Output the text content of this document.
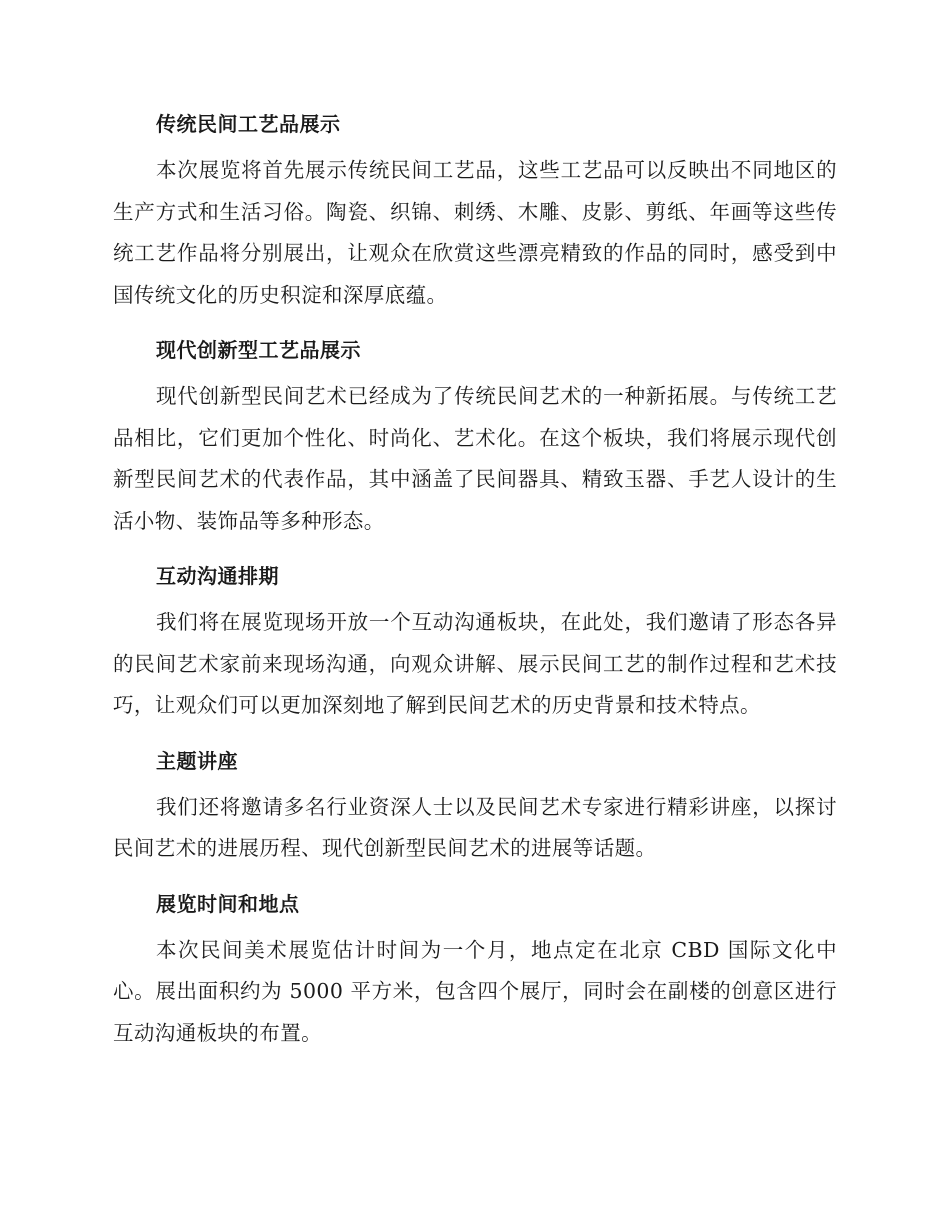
传统民间工艺品展示

本次展览将首先展示传统民间工艺品，这些工艺品可以反映出不同地区的生产方式和生活习俗。陶瓷、织锦、刺绣、木雕、皮影、剪纸、年画等这些传统工艺作品将分别展出，让观众在欣赏这些漂亮精致的作品的同时，感受到中国传统文化的历史积淀和深厚底蕴。

现代创新型工艺品展示

现代创新型民间艺术已经成为了传统民间艺术的一种新拓展。与传统工艺品相比，它们更加个性化、时尚化、艺术化。在这个板块，我们将展示现代创新型民间艺术的代表作品，其中涵盖了民间器具、精致玉器、手艺人设计的生活小物、装饰品等多种形态。

互动沟通排期

我们将在展览现场开放一个互动沟通板块，在此处，我们邀请了形态各异的民间艺术家前来现场沟通，向观众讲解、展示民间工艺的制作过程和艺术技巧，让观众们可以更加深刻地了解到民间艺术的历史背景和技术特点。

主题讲座

我们还将邀请多名行业资深人士以及民间艺术专家进行精彩讲座，以探讨民间艺术的进展历程、现代创新型民间艺术的进展等话题。

展览时间和地点

本次民间美术展览估计时间为一个月，地点定在北京 CBD 国际文化中心。展出面积约为 5000 平方米，包含四个展厅，同时会在副楼的创意区进行互动沟通板块的布置。
